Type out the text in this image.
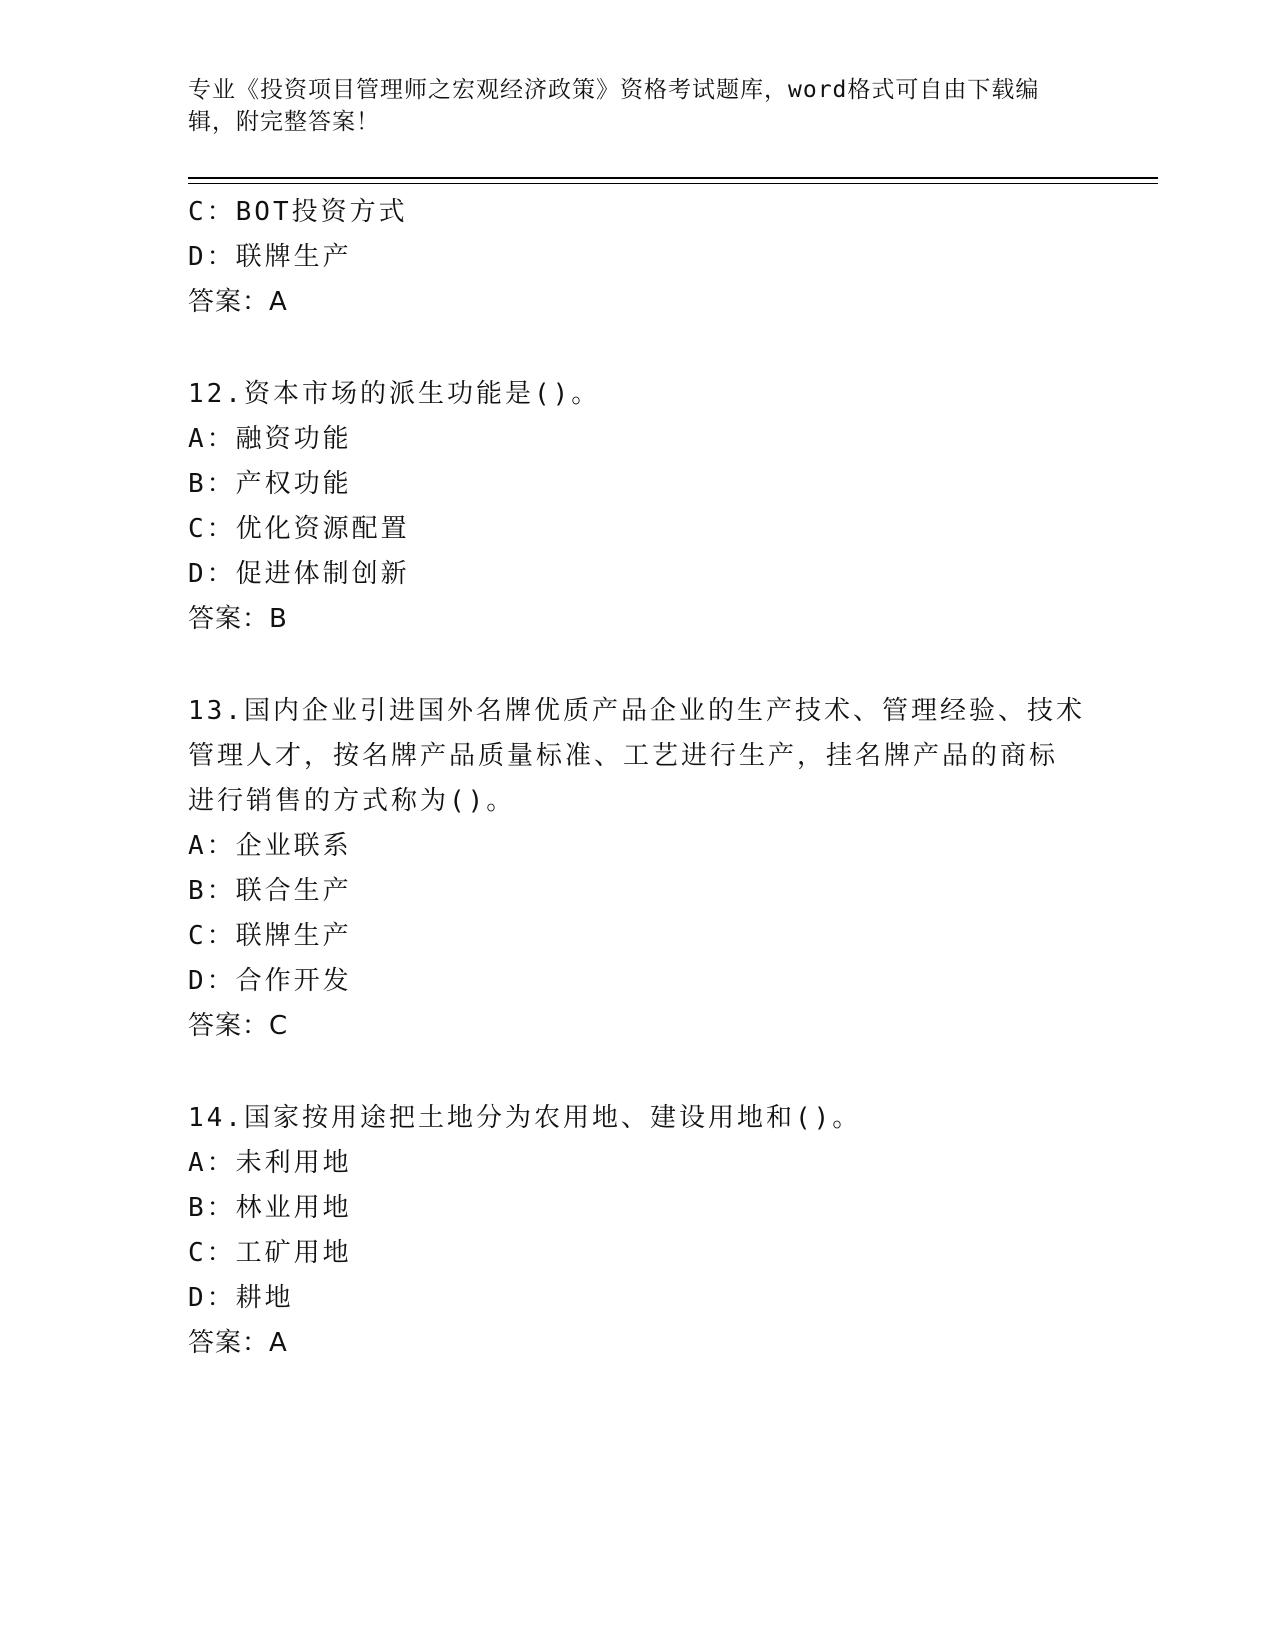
专业《投资项目管理师之宏观经济政策》资格考试题库，word格式可自由下载编
辑，附完整答案！
C：BOT投资方式
D：联牌生产
答案：A
12.资本市场的派生功能是()。
A：融资功能
B：产权功能
C：优化资源配置
D：促进体制创新
答案：B
13.国内企业引进国外名牌优质产品企业的生产技术、管理经验、技术
管理人才，按名牌产品质量标准、工艺进行生产，挂名牌产品的商标
进行销售的方式称为()。
A：企业联系
B：联合生产
C：联牌生产
D：合作开发
答案：C
14.国家按用途把土地分为农用地、建设用地和()。
A：未利用地
B：林业用地
C：工矿用地
D：耕地
答案：A
